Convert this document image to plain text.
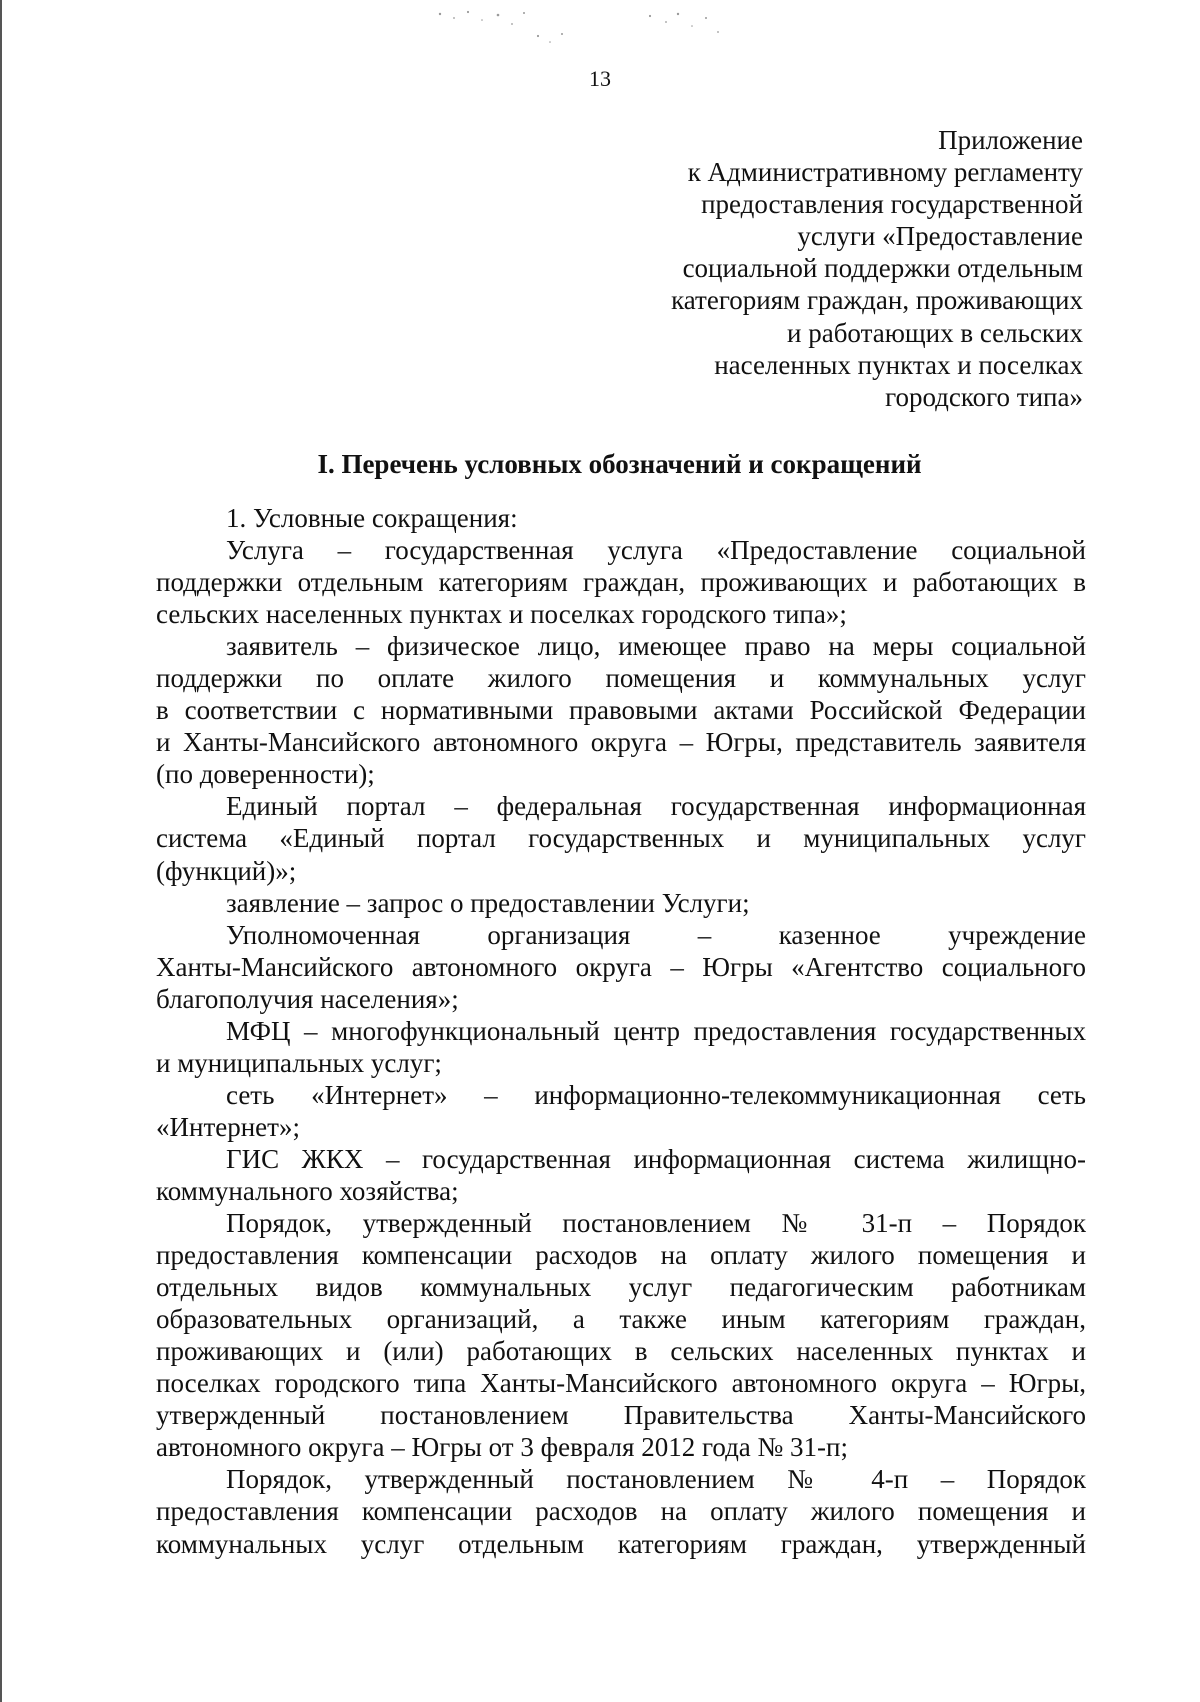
13

Приложение
к Административному регламенту
предоставления государственной
услуги «Предоставление
социальной поддержки отдельным
категориям граждан, проживающих
и работающих в сельских
населенных пунктах и поселках
городского типа»
I. Перечень условных обозначений и сокращений
1. Условные сокращения:
Услуга – государственная услуга «Предоставление социальной
поддержки отдельным категориям граждан, проживающих и работающих в
сельских населенных пунктах и поселках городского типа»;
заявитель – физическое лицо, имеющее право на меры социальной
поддержки по оплате жилого помещения и коммунальных услуг
в соответствии с нормативными правовыми актами Российской Федерации
и Ханты-Мансийского автономного округа – Югры, представитель заявителя
(по доверенности);
Единый портал – федеральная государственная информационная
система «Единый портал государственных и муниципальных услуг
(функций)»;
заявление – запрос о предоставлении Услуги;
Уполномоченная организация – казенное учреждение
Ханты-Мансийского автономного округа – Югры «Агентство социального
благополучия населения»;
МФЦ – многофункциональный центр предоставления государственных
и муниципальных услуг;
сеть «Интернет» – информационно-телекоммуникационная сеть
«Интернет»;
ГИС ЖКХ – государственная информационная система жилищно-
коммунального хозяйства;
Порядок, утвержденный постановлением № 31-п – Порядок
предоставления компенсации расходов на оплату жилого помещения и
отдельных видов коммунальных услуг педагогическим работникам
образовательных организаций, а также иным категориям граждан,
проживающих и (или) работающих в сельских населенных пунктах и
поселках городского типа Ханты-Мансийского автономного округа – Югры,
утвержденный постановлением Правительства Ханты-Мансийского
автономного округа – Югры от 3 февраля 2012 года № 31-п;
Порядок, утвержденный постановлением № 4-п – Порядок
предоставления компенсации расходов на оплату жилого помещения и
коммунальных услуг отдельным категориям граждан, утвержденный
